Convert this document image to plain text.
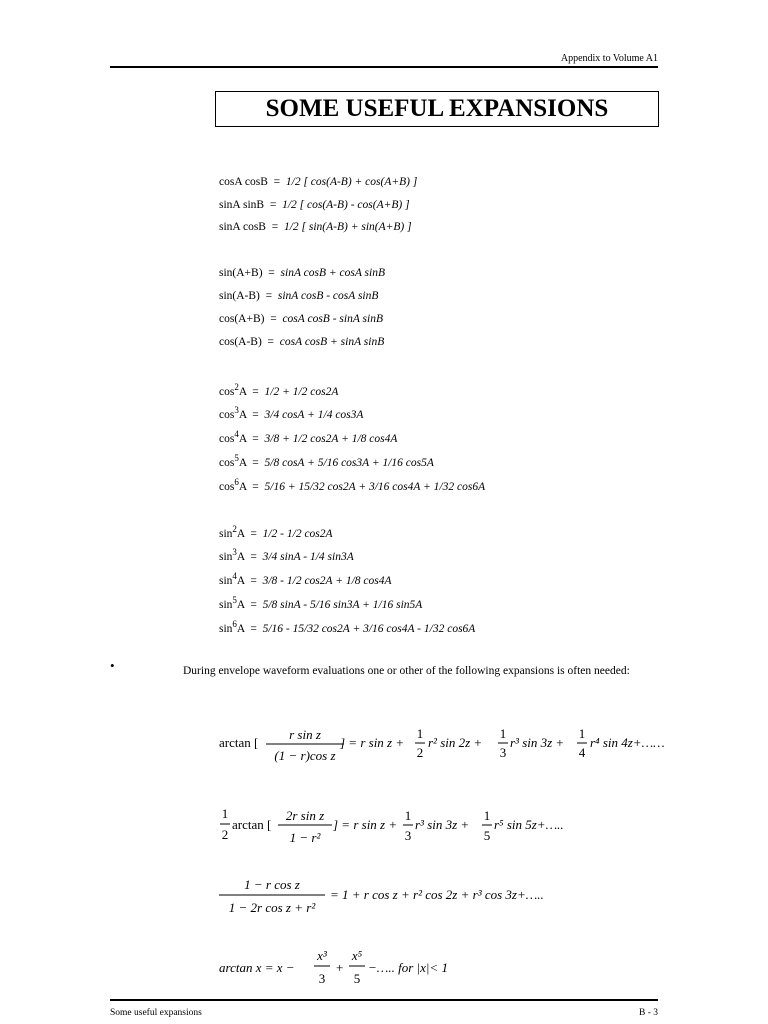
Appendix to Volume A1
SOME USEFUL EXPANSIONS
cosA cosB  =  1/2 [ cos(A-B) + cos(A+B) ]
sinA sinB  =  1/2 [ cos(A-B) - cos(A+B) ]
sinA cosB  =  1/2 [ sin(A-B) + sin(A+B) ]
sin(A+B)  =  sinA cosB + cosA sinB
sin(A-B)  =  sinA cosB - cosA sinB
cos(A+B)  =  cosA cosB - sinA sinB
cos(A-B)  =  cosA cosB + sinA sinB
$\cos^2A = 1/2 + 1/2$ cos2A
$\cos^3A = 3/4$ cosA + 1/4 cos3A
$\cos^4A = 3/8 + 1/2$ cos2A + 1/8 cos4A
$\cos^5A = 5/8$ cosA + 5/16 cos3A + 1/16 cos5A
$\cos^6A = 5/16 + 15/32$ cos2A + 3/16 cos4A + 1/32 cos6A
$\sin^2A = 1/2 - 1/2$ cos2A
$\sin^3A = 3/4$ sinA - 1/4 sin3A
$\sin^4A = 3/8 - 1/2$ cos2A + 1/8 cos4A
$\sin^5A = 5/8$ sinA - 5/16 sin3A + 1/16 sin5A
$\sin^6A = 5/16 - 15/32$ cos2A + 3/16 cos4A - 1/32 cos6A
•	During envelope waveform evaluations one or other of the following expansions is often needed:
arctan [
r sin z
(1 − r)cos z
] = r sin z +
1
2
r² sin 2z +
1
3
r³ sin 3z +
1
4
r⁴ sin 4z+……
1
2
arctan [
2r sin z
1 − r²
] = r sin z +
1
3
r³ sin 3z +
1
5
r⁵ sin 5z+…..
1 − r cos z
1 − 2r cos z + r²
= 1 + r cos z + r² cos 2z + r³ cos 3z+…..
arctan x = x −
x³
3
+
x⁵
5
−….. for |x|< 1
Some useful expansions	B - 3
